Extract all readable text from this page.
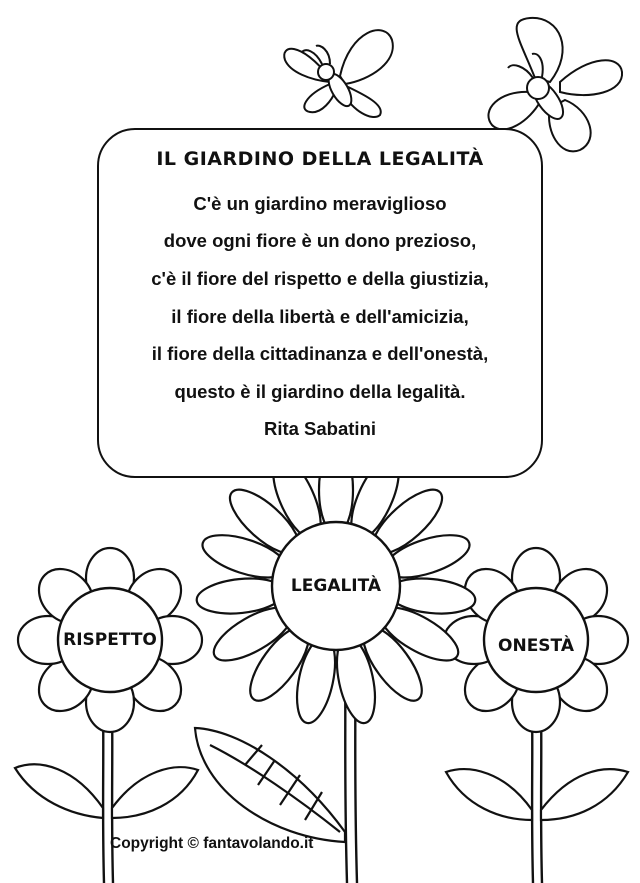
IL GIARDINO DELLA LEGALITÀ
C'è un giardino meraviglioso
dove ogni fiore è un dono prezioso,
c'è il fiore del rispetto e della giustizia,
il fiore della libertà e dell'amicizia,
il fiore della cittadinanza e dell'onestà,
questo è il giardino della legalità.
Rita Sabatini
RISPETTO
LEGALITÀ
ONESTÀ
Copyright © fantavolando.it
